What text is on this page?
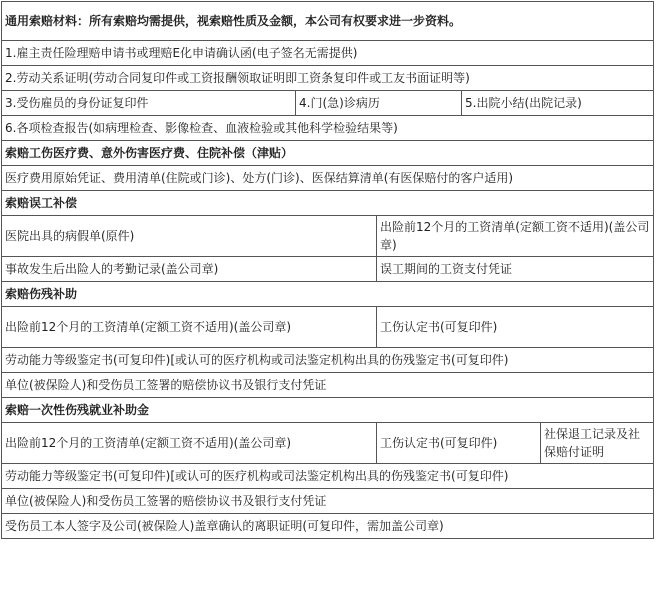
通用索赔材料：所有索赔均需提供，视索赔性质及金额，本公司有权要求进一步资料。				
1.雇主责任险理赔申请书或理赔E化申请确认函(电子签名无需提供)				
2.劳动关系证明(劳动合同复印件或工资报酬领取证明即工资条复印件或工友书面证明等)				
3.受伤雇员的身份证复印件	4.门(急)诊病历		5.出院小结(出院记录)	
6.各项检查报告(如病理检查、影像检查、血液检验或其他科学检验结果等)				
索赔工伤医疗费、意外伤害医疗费、住院补偿（津贴）				
医疗费用原始凭证、费用清单(住院或门诊)、处方(门诊)、医保结算清单(有医保赔付的客户适用)				
索赔误工补偿				
医院出具的病假单(原件)		出险前12个月的工资清单(定额工资不适用)(盖公司章)		
事故发生后出险人的考勤记录(盖公司章)		误工期间的工资支付凭证		
索赔伤残补助				
出险前12个月的工资清单(定额工资不适用)(盖公司章)		工伤认定书(可复印件)		
劳动能力等级鉴定书(可复印件)[或认可的医疗机构或司法鉴定机构出具的伤残鉴定书(可复印件)				
单位(被保险人)和受伤员工签署的赔偿协议书及银行支付凭证				
索赔一次性伤残就业补助金				
出险前12个月的工资清单(定额工资不适用)(盖公司章)		工伤认定书(可复印件)		社保退工记录及社保赔付证明
劳动能力等级鉴定书(可复印件)[或认可的医疗机构或司法鉴定机构出具的伤残鉴定书(可复印件)				
单位(被保险人)和受伤员工签署的赔偿协议书及银行支付凭证				
受伤员工本人签字及公司(被保险人)盖章确认的离职证明(可复印件，需加盖公司章)				
